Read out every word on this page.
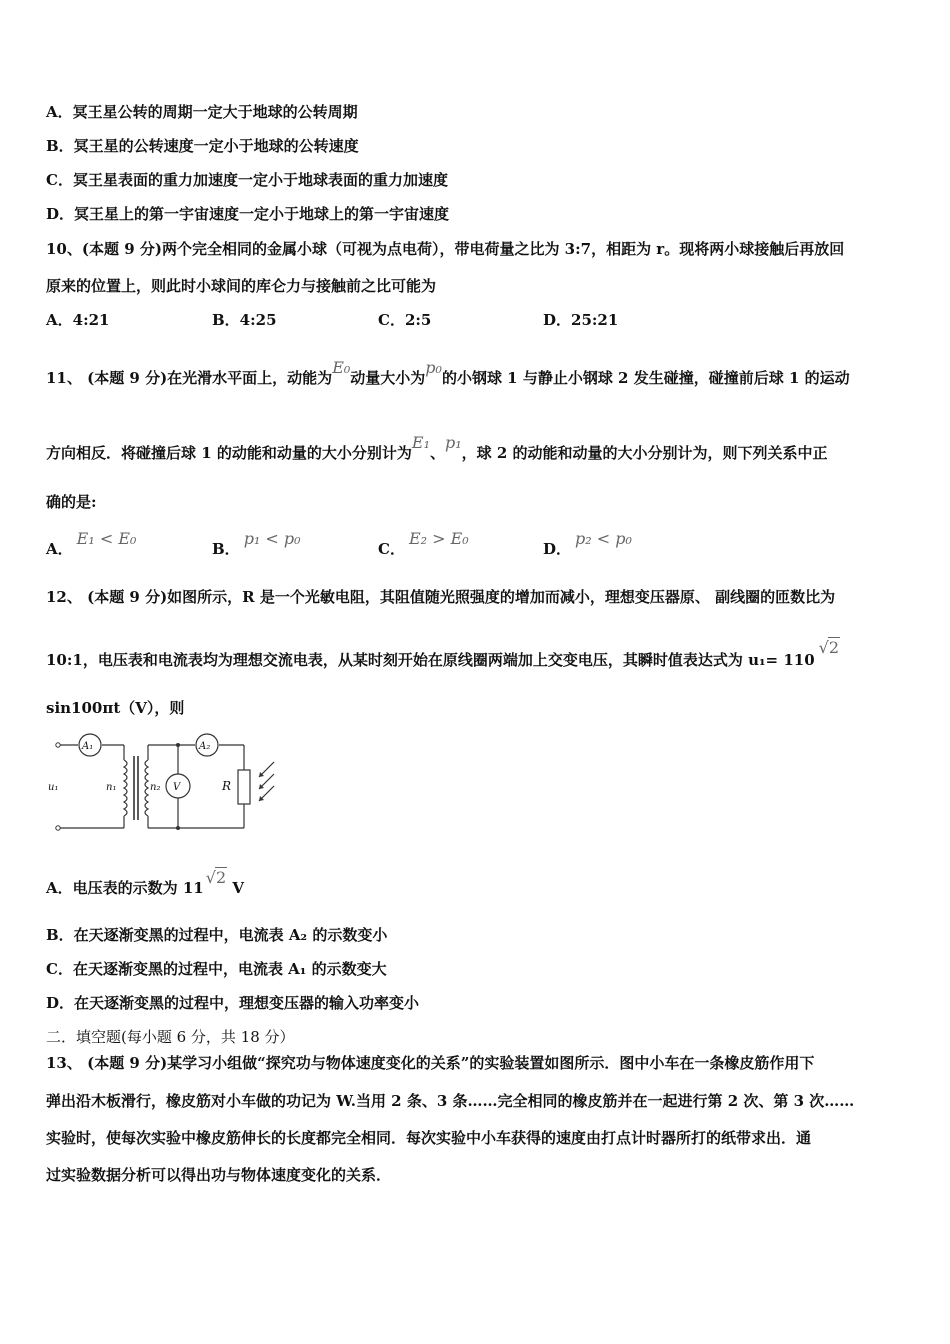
A．冥王星公转的周期一定大于地球的公转周期
B．冥王星的公转速度一定小于地球的公转速度
C．冥王星表面的重力加速度一定小于地球表面的重力加速度
D．冥王星上的第一宇宙速度一定小于地球上的第一宇宙速度
10、(本题 9 分)两个完全相同的金属小球（可视为点电荷），带电荷量之比为 3:7，相距为 r。现将两小球接触后再放回
原来的位置上，则此时小球间的库仑力与接触前之比可能为
A．4:21	B．4:25	C．2:5	D．25:21
11、 (本题 9 分)在光滑水平面上，动能为E₀动量大小为p₀的小钢球 1 与静止小钢球 2 发生碰撞，碰撞前后球 1 的运动
方向相反．将碰撞后球 1 的动能和动量的大小分别计为E₁、p₁，球 2 的动能和动量的大小分别计为，则下列关系中正
确的是:
A．E₁ < E₀
B．p₁ < p₀
C．E₂ > E₀
D．p₂ < p₀
12、 (本题 9 分)如图所示，R 是一个光敏电阻，其阻值随光照强度的增加而减小，理想变压器原、 副线圈的匝数比为
10:1，电压表和电流表均为理想交流电表，从某时刻开始在原线圈两端加上交变电压，其瞬时值表达式为 u₁= 110√2
sin100πt（V），则
A₁	A₂
V
u₁	n₁	n₂	R
A．电压表的示数为 11√2 V
B．在天逐渐变黑的过程中，电流表 A₂ 的示数变小
C．在天逐渐变黑的过程中，电流表 A₁ 的示数变大
D．在天逐渐变黑的过程中，理想变压器的输入功率变小
二．填空题(每小题 6 分，共 18 分）
13、 (本题 9 分)某学习小组做“探究功与物体速度变化的关系”的实验装置如图所示．图中小车在一条橡皮筋作用下
弹出沿木板滑行，橡皮筋对小车做的功记为 W.当用 2 条、3 条……完全相同的橡皮筋并在一起进行第 2 次、第 3 次……
实验时，使每次实验中橡皮筋伸长的长度都完全相同．每次实验中小车获得的速度由打点计时器所打的纸带求出．通
过实验数据分析可以得出功与物体速度变化的关系．
